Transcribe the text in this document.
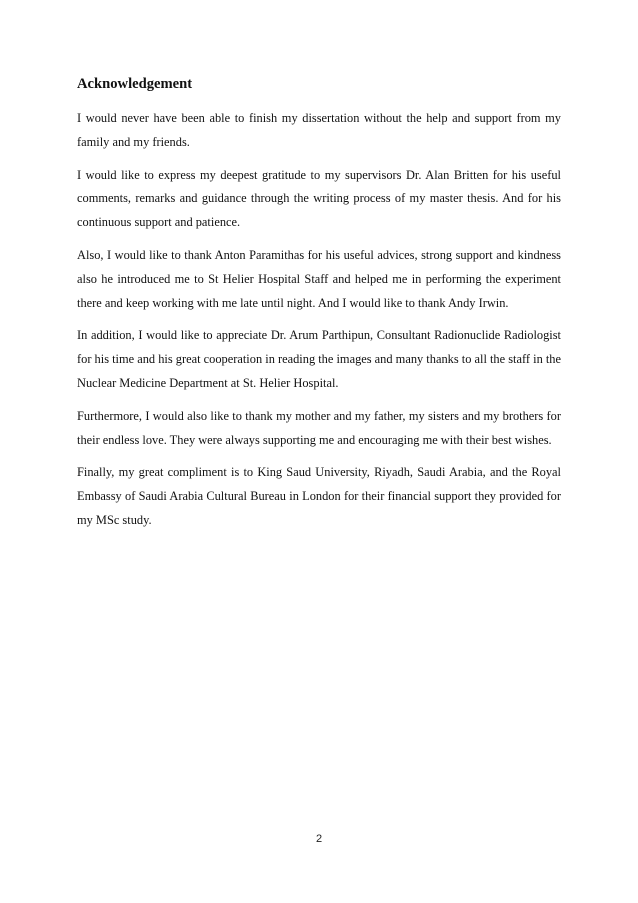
Acknowledgement

I would never have been able to finish my dissertation without the help and support from my family and my friends.

I would like to express my deepest gratitude to my supervisors Dr. Alan Britten for his useful comments, remarks and guidance through the writing process of my master thesis. And for his continuous support and patience.

Also, I would like to thank Anton Paramithas for his useful advices, strong support and kindness also he introduced me to St Helier Hospital Staff and helped me in performing the experiment there and keep working with me late until night. And I would like to thank Andy Irwin.

In addition, I would like to appreciate Dr. Arum Parthipun, Consultant Radionuclide Radiologist for his time and his great cooperation in reading the images and many thanks to all the staff in the Nuclear Medicine Department at St. Helier Hospital.

Furthermore, I would also like to thank my mother and my father, my sisters and my brothers for their endless love. They were always supporting me and encouraging me with their best wishes.

Finally, my great compliment is to King Saud University, Riyadh, Saudi Arabia, and the Royal Embassy of Saudi Arabia Cultural Bureau in London for their financial support they provided for my MSc study.

2
